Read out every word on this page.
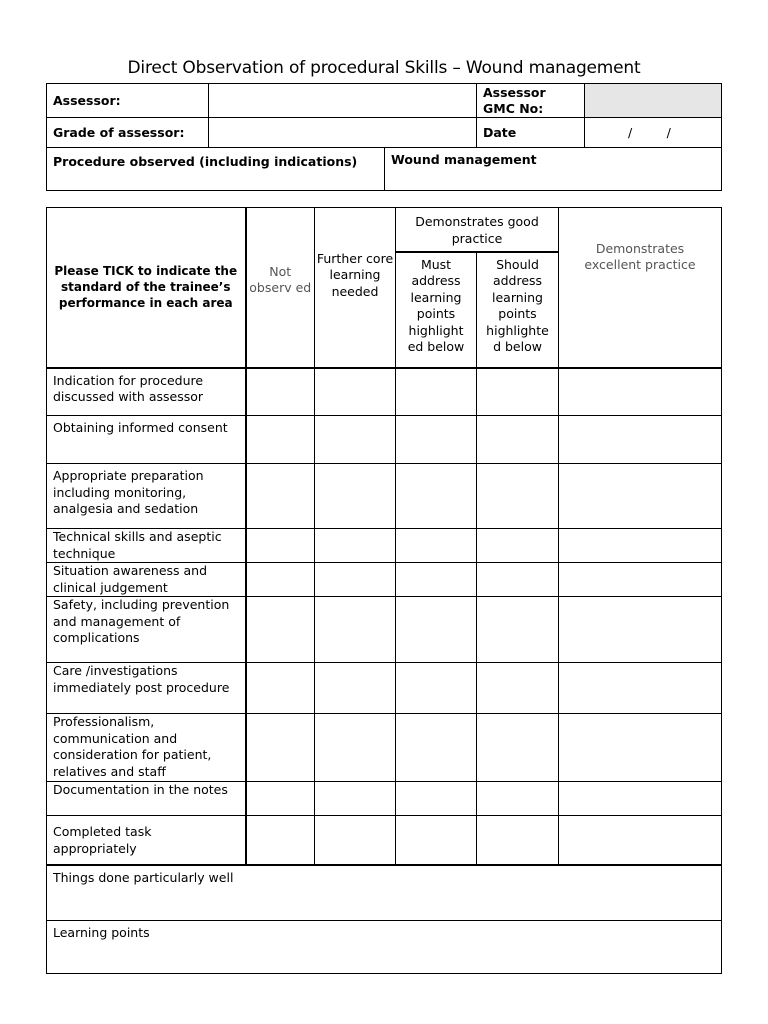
Direct Observation of procedural Skills – Wound management
Assessor:		Assessor GMC No:	
Grade of assessor:		Date	/ /
Procedure observed (including indications)	Wound management
Please TICK to indicate the standard of the trainee’s performance in each area	Not observ ed	Further core learning needed	Demonstrates good practice		Demonstrates excellent practice
			Must address learning points highlight ed below	Should address learning points highlighte d below	
Indication for procedure discussed with assessor					
Obtaining informed consent					
Appropriate preparation including monitoring, analgesia and sedation					
Technical skills and aseptic technique					
Situation awareness and clinical judgement					
Safety, including prevention and management of complications					
Care /investigations immediately post procedure					
Professionalism, communication and consideration for patient, relatives and staff					
Documentation in the notes					
Completed task appropriately					
Things done particularly well					
Learning points					
